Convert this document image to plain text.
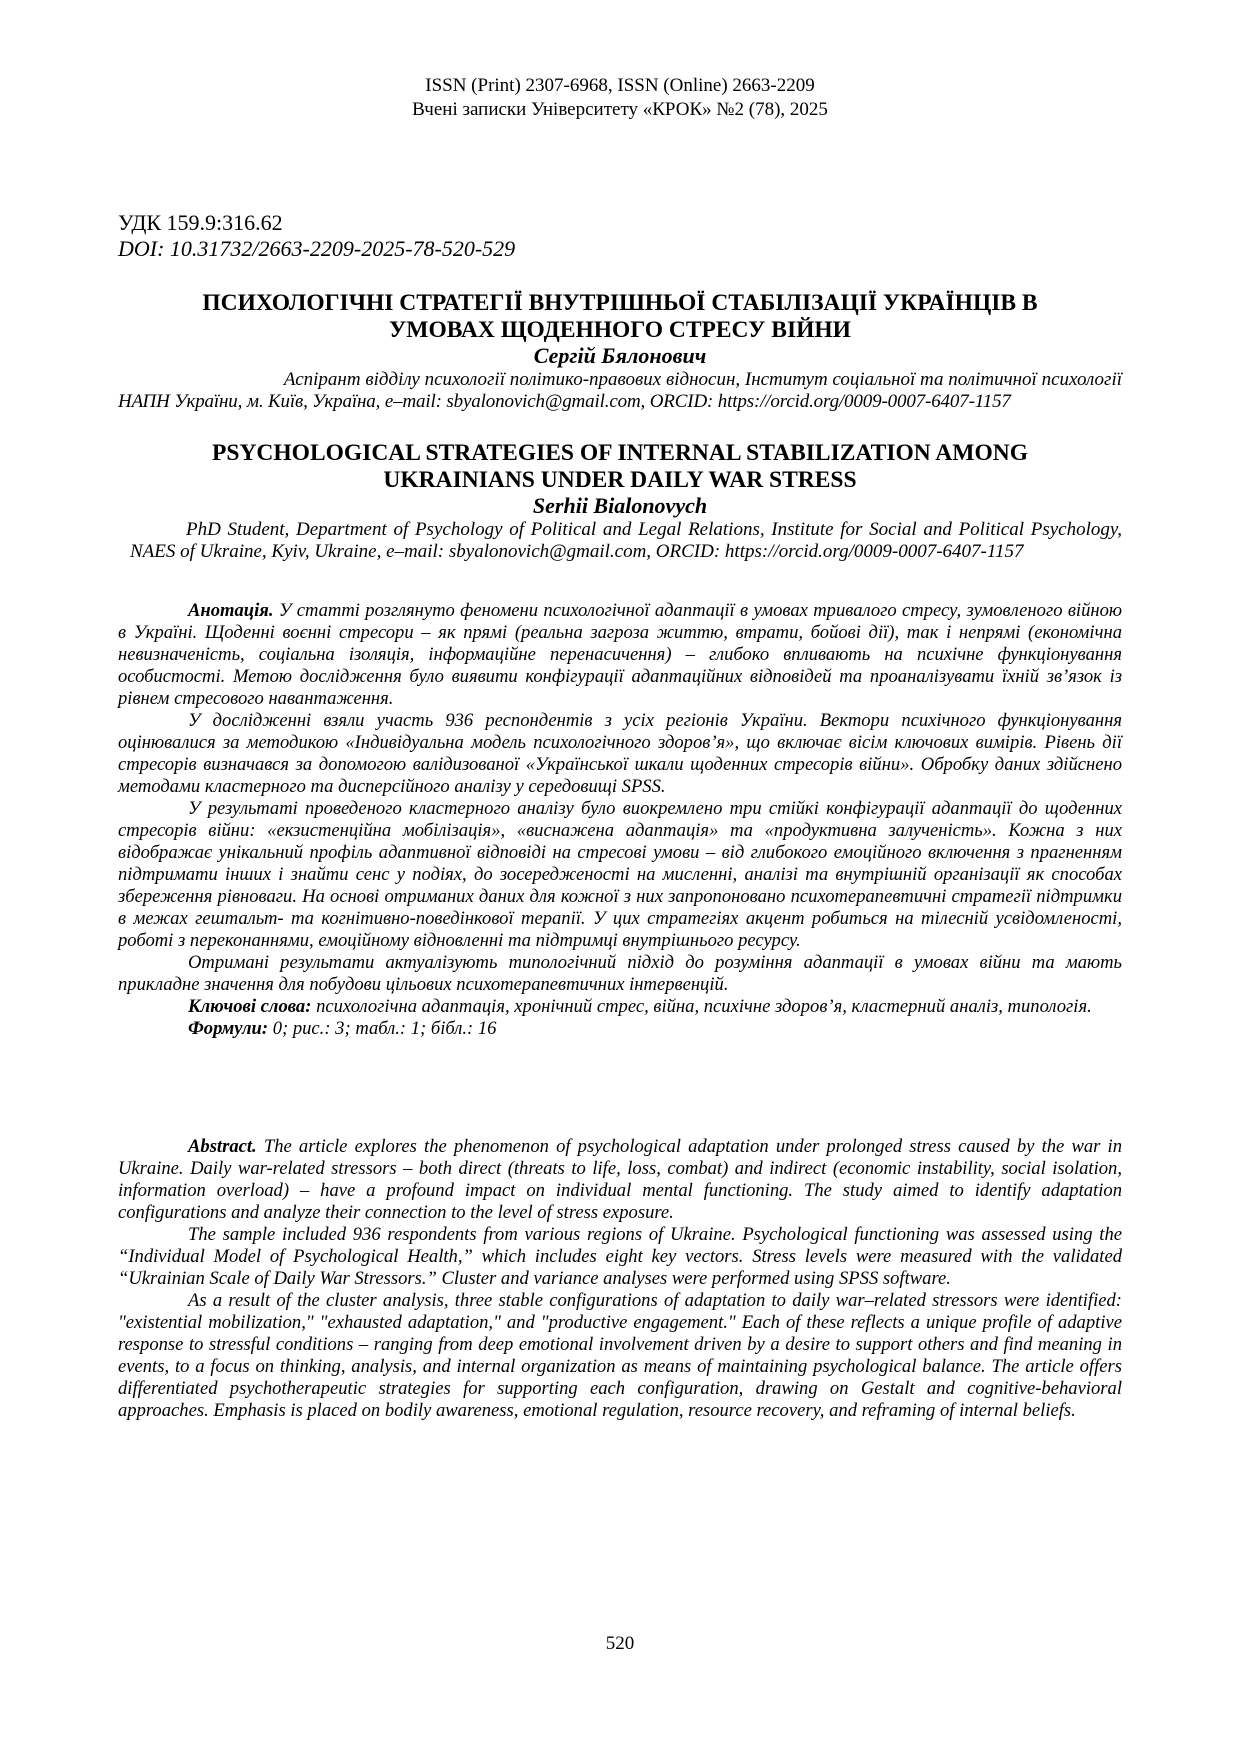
ISSN (Print) 2307-6968, ISSN (Online) 2663-2209
Вчені записки Університету «КРОК» №2 (78), 2025
УДК 159.9:316.62
DOI: 10.31732/2663-2209-2025-78-520-529
ПСИХОЛОГІЧНІ СТРАТЕГІЇ ВНУТРІШНЬОЇ СТАБІЛІЗАЦІЇ УКРАЇНЦІВ В
УМОВАХ ЩОДЕННОГО СТРЕСУ ВІЙНИ
Сергій Бялонович
Аспірант відділу психології політико-правових відносин, Інститут соціальної та політичної психології
НАПН України, м. Київ, Україна, e–mail: sbyalonovich@gmail.com, ORCID: https://orcid.org/0009-0007-6407-1157
PSYCHOLOGICAL STRATEGIES OF INTERNAL STABILIZATION AMONG
UKRAINIANS UNDER DAILY WAR STRESS
Serhii Bialonovych
PhD Student, Department of Psychology of Political and Legal Relations, Institute for Social and Political Psychology, NAES of Ukraine, Kyiv, Ukraine, e–mail: sbyalonovich@gmail.com, ORCID: https://orcid.org/0009-0007-6407-1157

Анотація. У статті розглянуто феномени психологічної адаптації в умовах тривалого стресу, зумовленого війною в Україні. Щоденні воєнні стресори – як прямі (реальна загроза життю, втрати, бойові дії), так і непрямі (економічна невизначеність, соціальна ізоляція, інформаційне перенасичення) – глибоко впливають на психічне функціонування особистості. Метою дослідження було виявити конфігурації адаптаційних відповідей та проаналізувати їхній зв’язок із рівнем стресового навантаження.

У дослідженні взяли участь 936 респондентів з усіх регіонів України. Вектори психічного функціонування оцінювалися за методикою «Індивідуальна модель психологічного здоров’я», що включає вісім ключових вимірів. Рівень дії стресорів визначався за допомогою валідизованої «Української шкали щоденних стресорів війни». Обробку даних здійснено методами кластерного та дисперсійного аналізу у середовищі SPSS.

У результаті проведеного кластерного аналізу було виокремлено три стійкі конфігурації адаптації до щоденних стресорів війни: «екзистенційна мобілізація», «виснажена адаптація» та «продуктивна залученість». Кожна з них відображає унікальний профіль адаптивної відповіді на стресові умови – від глибокого емоційного включення з прагненням підтримати інших і знайти сенс у подіях, до зосередженості на мисленні, аналізі та внутрішній організації як способах збереження рівноваги. На основі отриманих даних для кожної з них запропоновано психотерапевтичні стратегії підтримки в межах гештальт- та когнітивно-поведінкової терапії. У цих стратегіях акцент робиться на тілесній усвідомленості, роботі з переконаннями, емоційному відновленні та підтримці внутрішнього ресурсу.

Отримані результати актуалізують типологічний підхід до розуміння адаптації в умовах війни та мають прикладне значення для побудови цільових психотерапевтичних інтервенцій.

Ключові слова: психологічна адаптація, хронічний стрес, війна, психічне здоров’я, кластерний аналіз, типологія.

Формули: 0; рис.: 3; табл.: 1; бібл.: 16

Abstract. The article explores the phenomenon of psychological adaptation under prolonged stress caused by the war in Ukraine. Daily war-related stressors – both direct (threats to life, loss, combat) and indirect (economic instability, social isolation, information overload) – have a profound impact on individual mental functioning. The study aimed to identify adaptation configurations and analyze their connection to the level of stress exposure.

The sample included 936 respondents from various regions of Ukraine. Psychological functioning was assessed using the “Individual Model of Psychological Health,” which includes eight key vectors. Stress levels were measured with the validated “Ukrainian Scale of Daily War Stressors.” Cluster and variance analyses were performed using SPSS software.

As a result of the cluster analysis, three stable configurations of adaptation to daily war–related stressors were identified: "existential mobilization," "exhausted adaptation," and "productive engagement." Each of these reflects a unique profile of adaptive response to stressful conditions – ranging from deep emotional involvement driven by a desire to support others and find meaning in events, to a focus on thinking, analysis, and internal organization as means of maintaining psychological balance. The article offers differentiated psychotherapeutic strategies for supporting each configuration, drawing on Gestalt and cognitive-behavioral approaches. Emphasis is placed on bodily awareness, emotional regulation, resource recovery, and reframing of internal beliefs.

520
